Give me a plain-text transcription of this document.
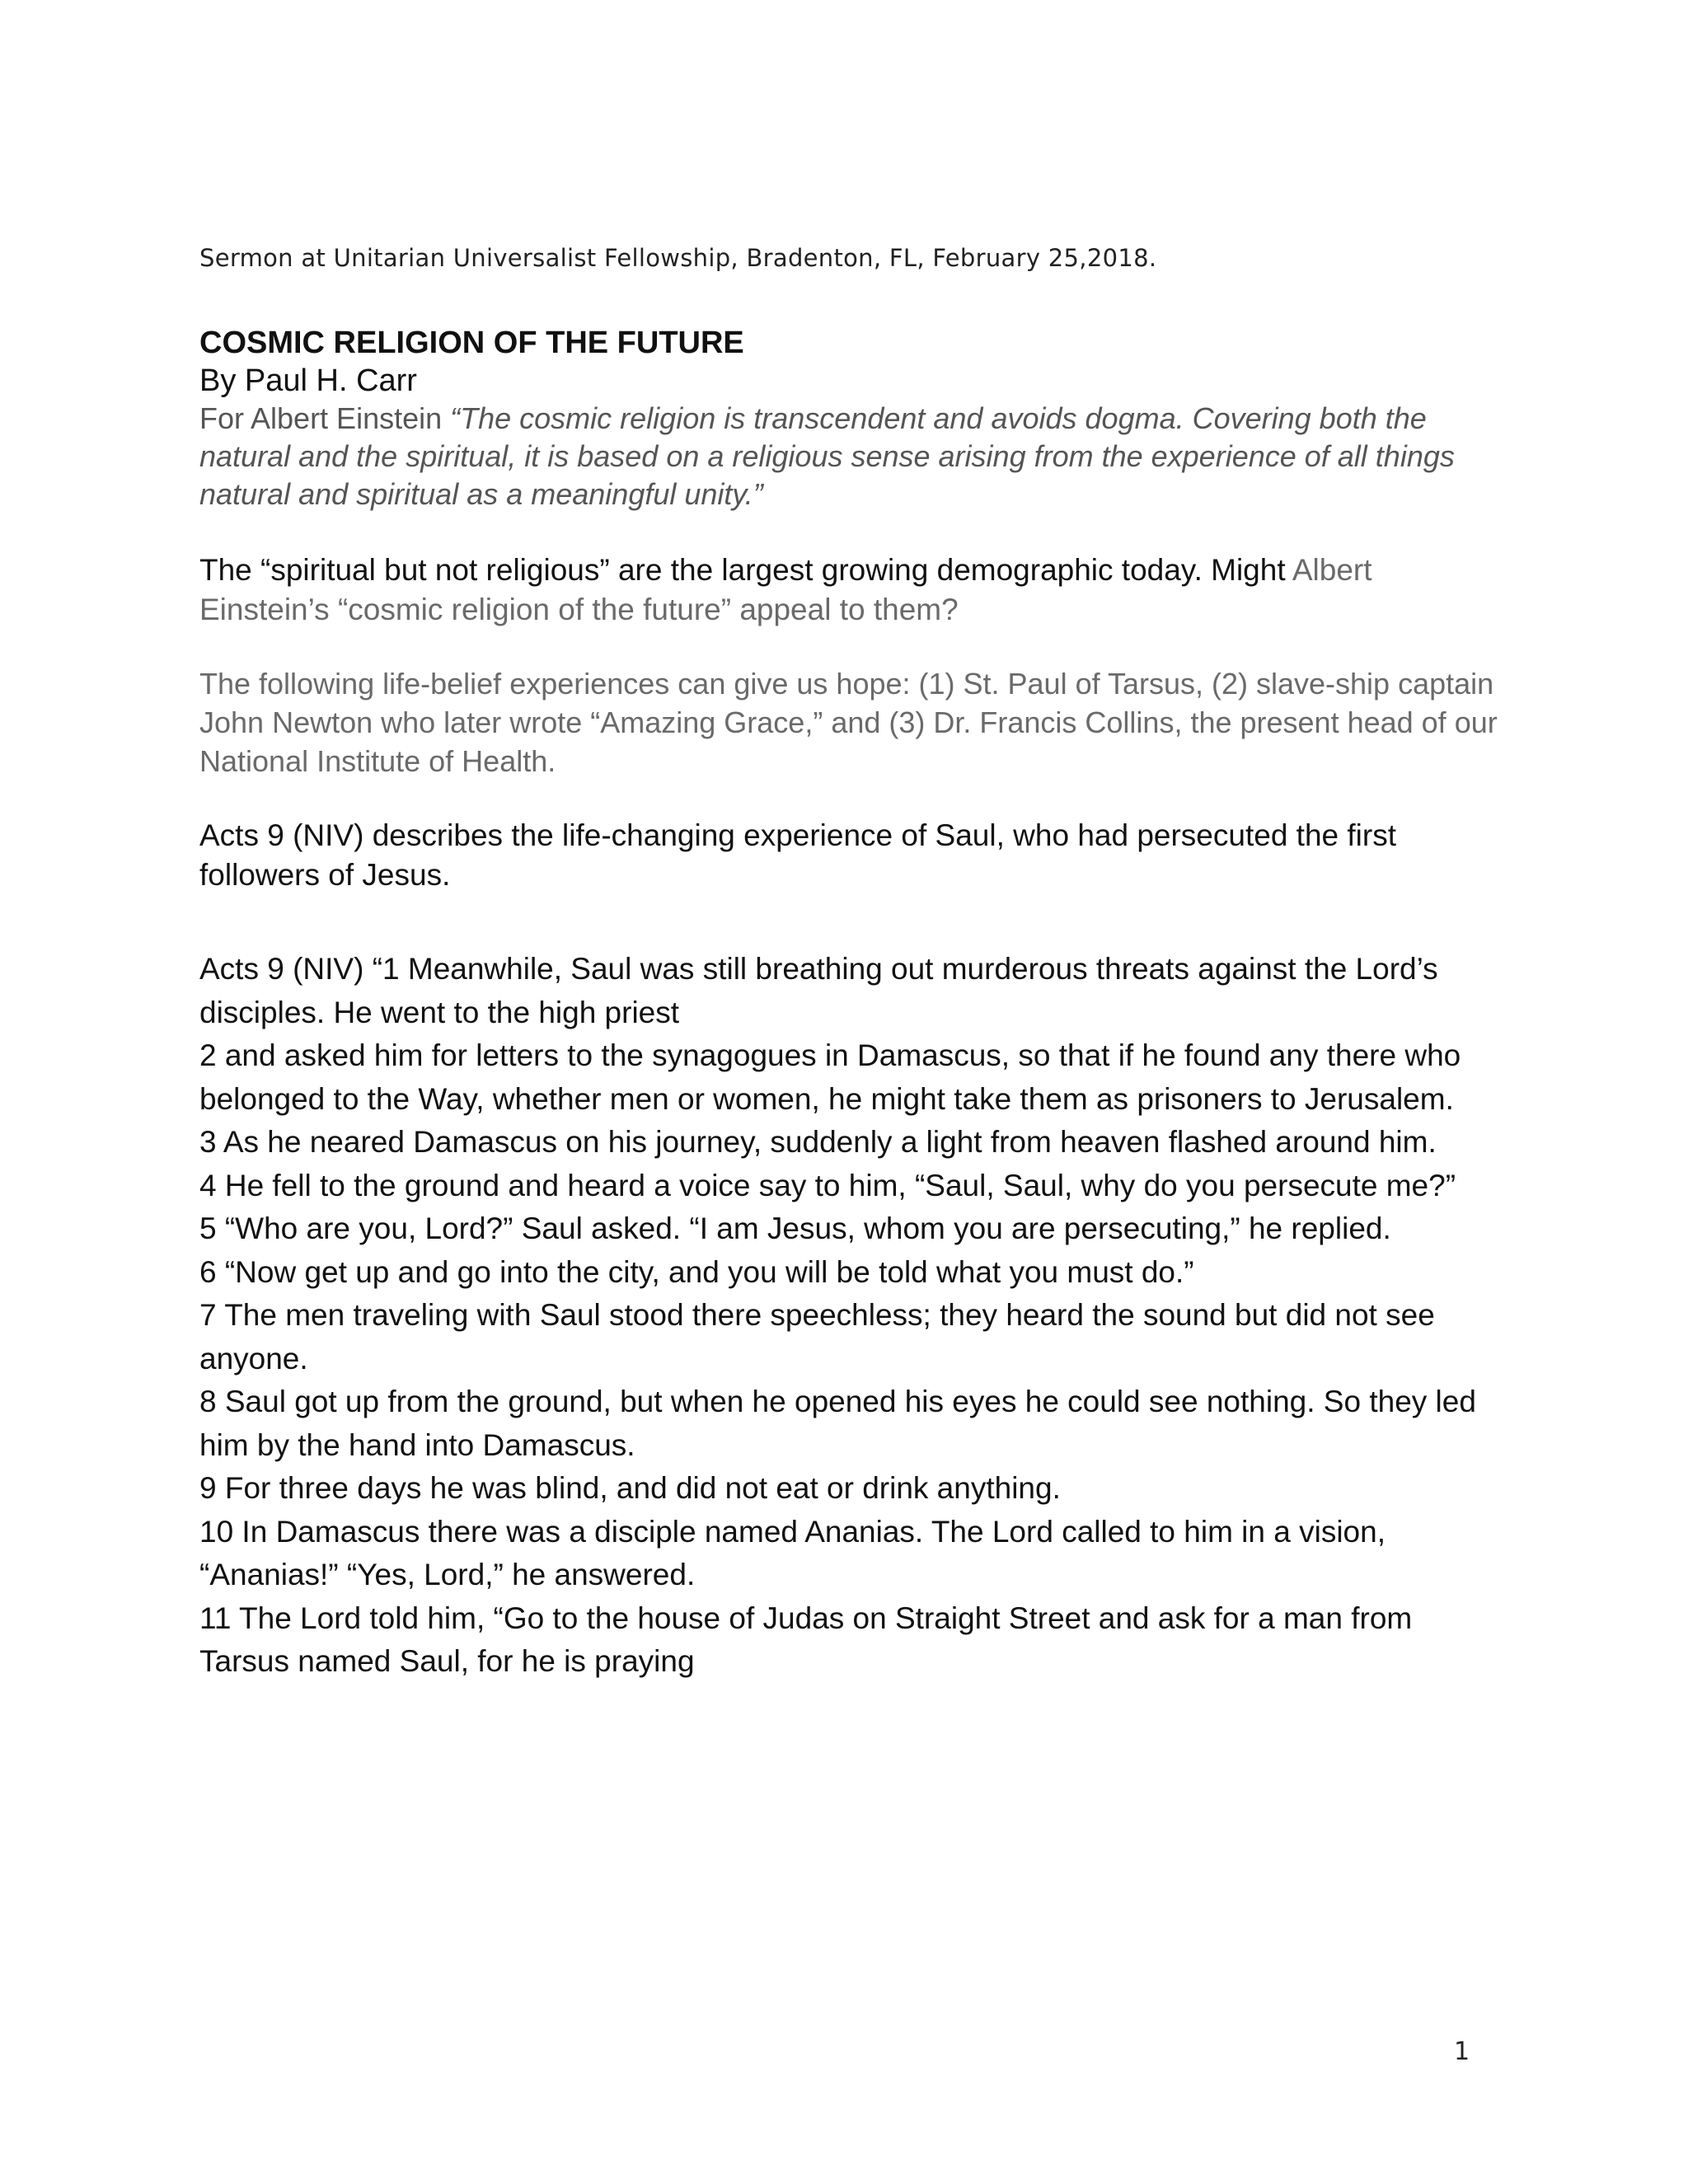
Sermon at Unitarian Universalist Fellowship, Bradenton, FL, February 25,2018.
COSMIC RELIGION OF THE FUTURE
By Paul H. Carr

For Albert Einstein “The cosmic religion is transcendent and avoids dogma. Covering both the natural and the spiritual, it is based on a religious sense arising from the experience of all things natural and spiritual as a meaningful unity.”

The “spiritual but not religious” are the largest growing demographic today. Might Albert Einstein’s “cosmic religion of the future” appeal to them?

The following life-belief experiences can give us hope: (1) St. Paul of Tarsus, (2) slave-ship captain John Newton who later wrote “Amazing Grace,” and (3) Dr. Francis Collins, the present head of our National Institute of Health.

Acts 9 (NIV) describes the life-changing experience of Saul, who had persecuted the first followers of Jesus.

Acts 9 (NIV) “1 Meanwhile, Saul was still breathing out murderous threats against the Lord’s disciples. He went to the high priest
2 and asked him for letters to the synagogues in Damascus, so that if he found any there who belonged to the Way, whether men or women, he might take them as prisoners to Jerusalem.
3 As he neared Damascus on his journey, suddenly a light from heaven flashed around him.
4 He fell to the ground and heard a voice say to him, “Saul, Saul, why do you persecute me?”
5 “Who are you, Lord?” Saul asked. “I am Jesus, whom you are persecuting,” he replied.
6 “Now get up and go into the city, and you will be told what you must do.”
7 The men traveling with Saul stood there speechless; they heard the sound but did not see anyone.
8 Saul got up from the ground, but when he opened his eyes he could see nothing. So they led him by the hand into Damascus.
9 For three days he was blind, and did not eat or drink anything.
10 In Damascus there was a disciple named Ananias. The Lord called to him in a vision, “Ananias!” “Yes, Lord,” he answered.
11 The Lord told him, “Go to the house of Judas on Straight Street and ask for a man from Tarsus named Saul, for he is praying
1
